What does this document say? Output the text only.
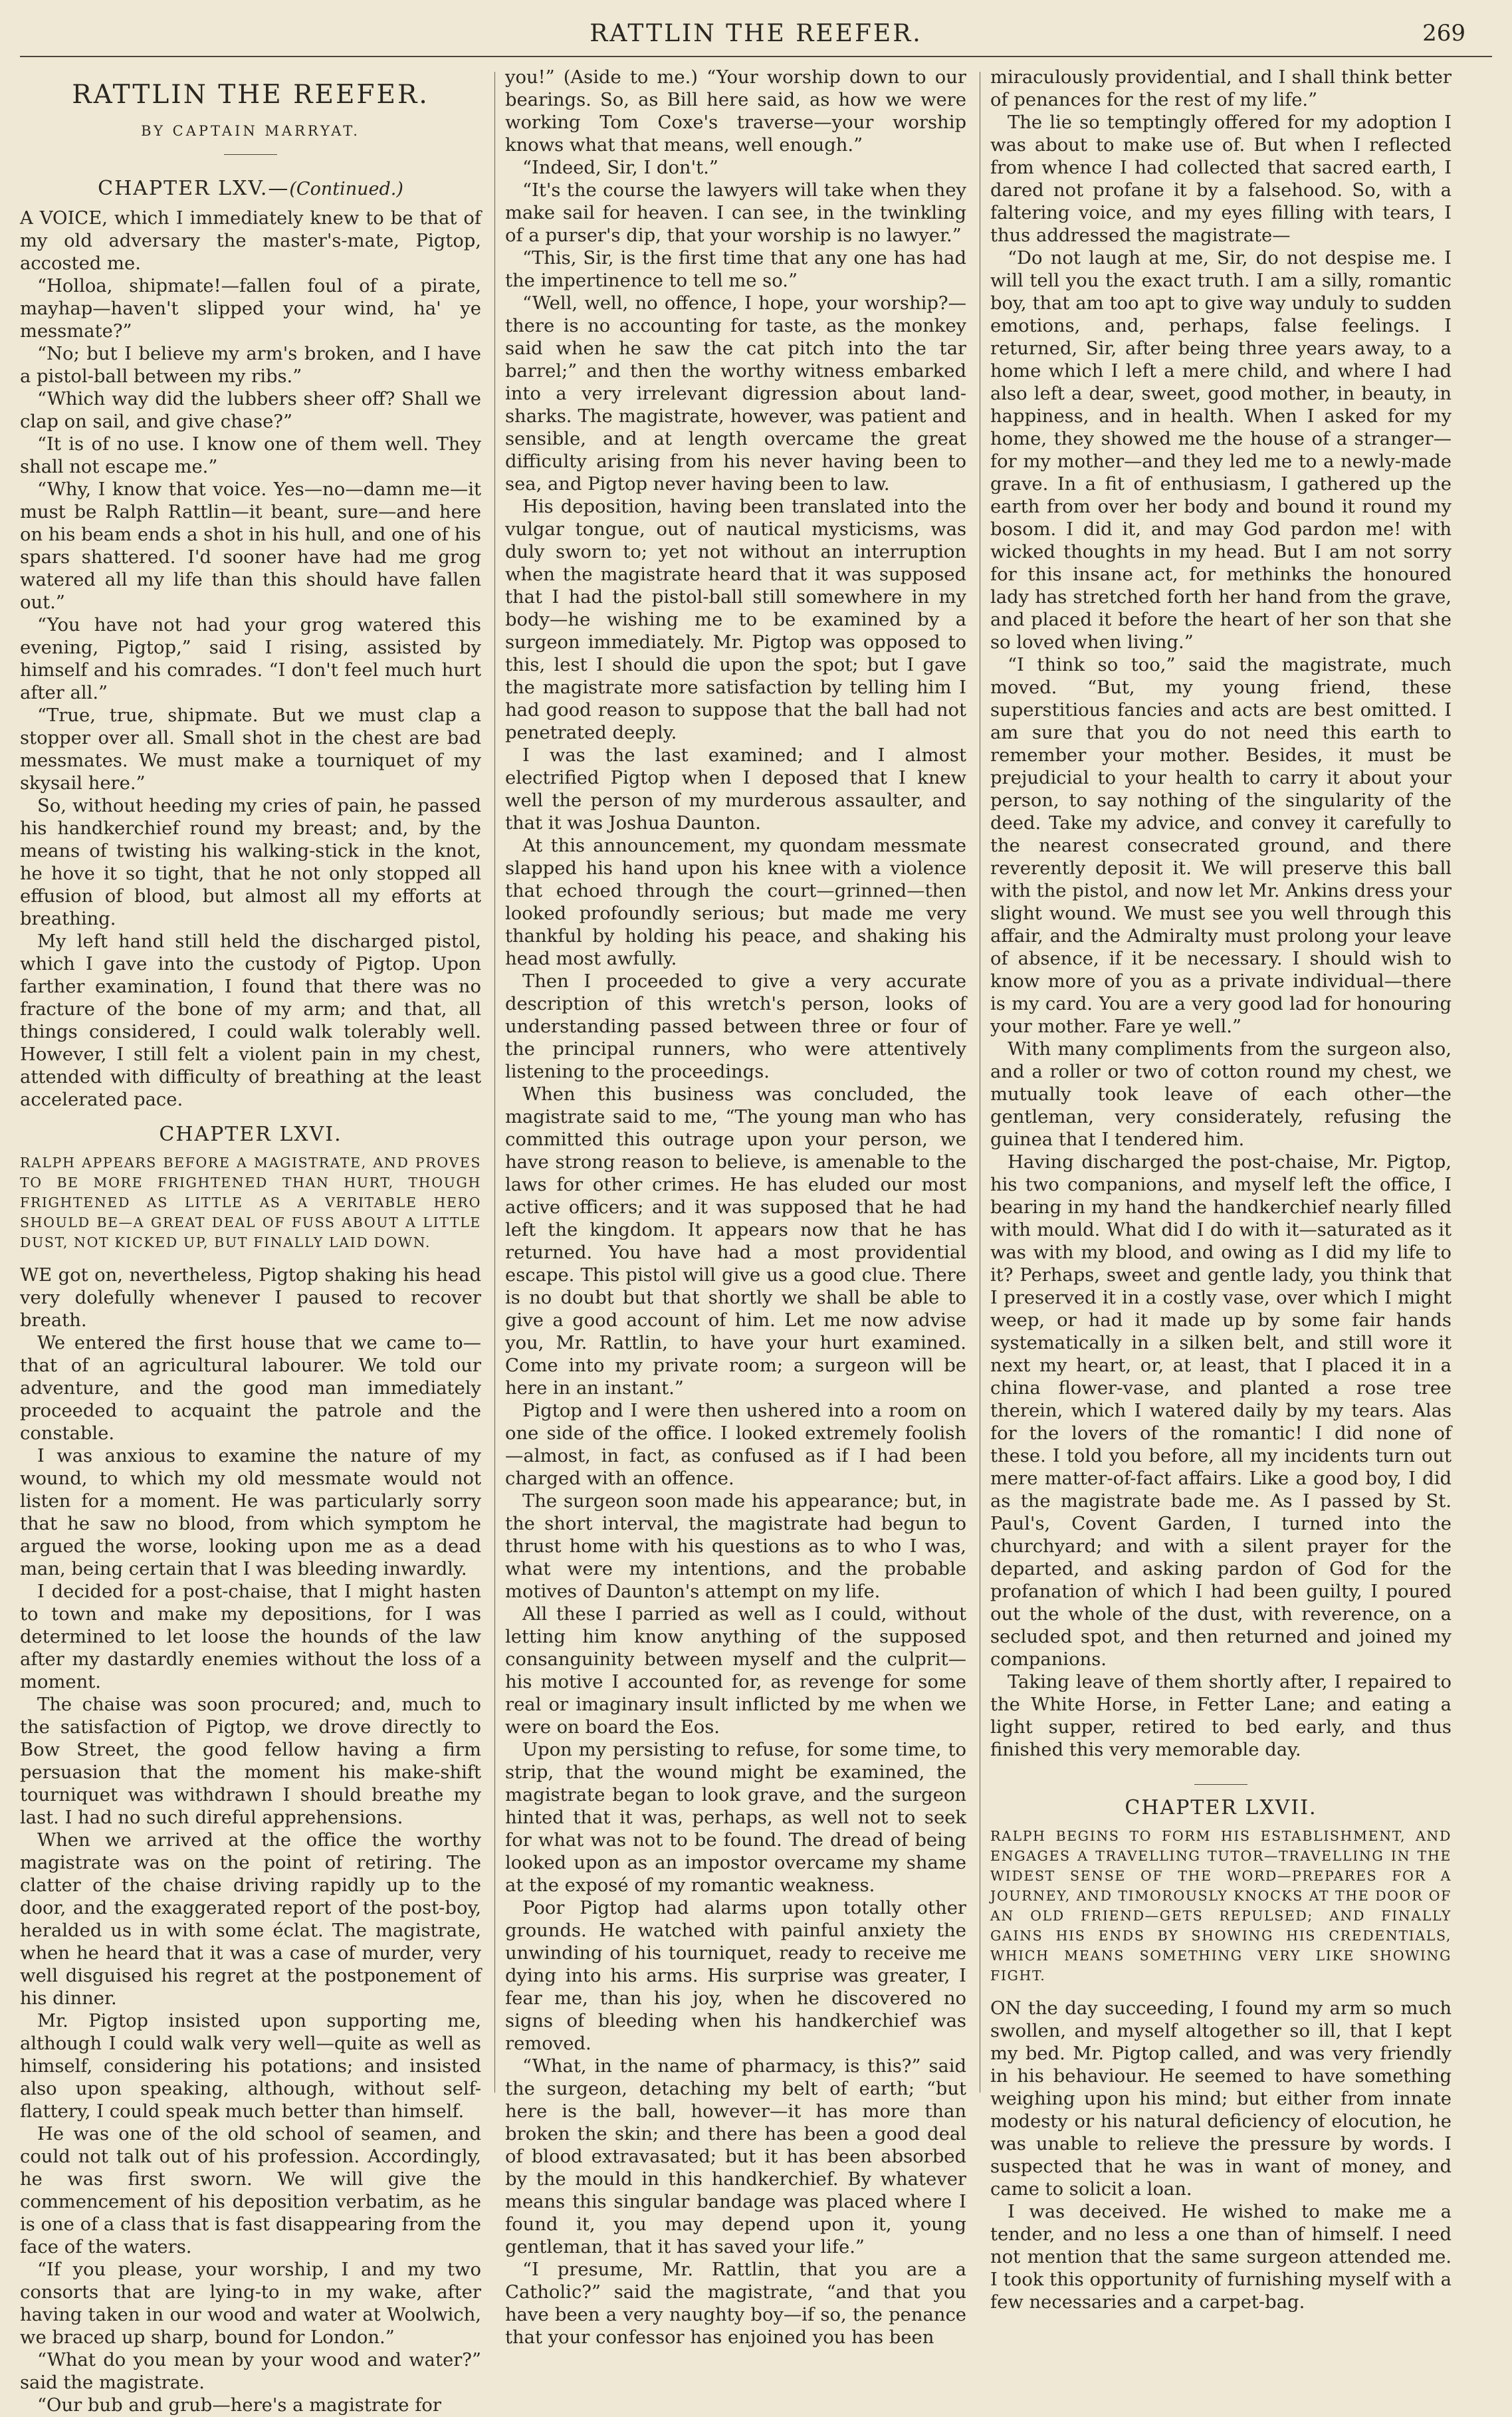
RATTLIN THE REEFER.	269
RATTLIN THE REEFER.
BY CAPTAIN MARRYAT.
CHAPTER LXV.—(Continued.)

A VOICE, which I immediately knew to be that of my old adversary the master's-mate, Pigtop, accosted me.

“Holloa, shipmate!—fallen foul of a pirate, mayhap—haven't slipped your wind, ha' ye messmate?”

“No; but I believe my arm's broken, and I have a pistol-ball between my ribs.”

“Which way did the lubbers sheer off? Shall we clap on sail, and give chase?”

“It is of no use. I know one of them well. They shall not escape me.”

“Why, I know that voice. Yes—no—damn me—it must be Ralph Rattlin—it beant, sure—and here on his beam ends a shot in his hull, and one of his spars shattered. I'd sooner have had me grog watered all my life than this should have fallen out.”

“You have not had your grog watered this evening, Pigtop,” said I rising, assisted by himself and his comrades. “I don't feel much hurt after all.”

“True, true, shipmate. But we must clap a stopper over all. Small shot in the chest are bad messmates. We must make a tourniquet of my skysail here.”

So, without heeding my cries of pain, he passed his handkerchief round my breast; and, by the means of twisting his walking-stick in the knot, he hove it so tight, that he not only stopped all effusion of blood, but almost all my efforts at breathing.

My left hand still held the discharged pistol, which I gave into the custody of Pigtop. Upon farther examination, I found that there was no fracture of the bone of my arm; and that, all things considered, I could walk tolerably well. However, I still felt a violent pain in my chest, attended with difficulty of breathing at the least accelerated pace.

CHAPTER LXVI.
RALPH APPEARS BEFORE A MAGISTRATE, AND PROVES TO BE MORE FRIGHTENED THAN HURT, THOUGH FRIGHTENED AS LITTLE AS A VERITABLE HERO SHOULD BE—A GREAT DEAL OF FUSS ABOUT A LITTLE DUST, NOT KICKED UP, BUT FINALLY LAID DOWN.

WE got on, nevertheless, Pigtop shaking his head very dolefully whenever I paused to recover breath.

We entered the first house that we came to—that of an agricultural labourer. We told our adventure, and the good man immediately proceeded to acquaint the patrole and the constable.

I was anxious to examine the nature of my wound, to which my old messmate would not listen for a moment. He was particularly sorry that he saw no blood, from which symptom he argued the worse, looking upon me as a dead man, being certain that I was bleeding inwardly.

I decided for a post-chaise, that I might hasten to town and make my depositions, for I was determined to let loose the hounds of the law after my dastardly enemies without the loss of a moment.

The chaise was soon procured; and, much to the satisfaction of Pigtop, we drove directly to Bow Street, the good fellow having a firm persuasion that the moment his make-shift tourniquet was withdrawn I should breathe my last. I had no such direful apprehensions.

When we arrived at the office the worthy magistrate was on the point of retiring. The clatter of the chaise driving rapidly up to the door, and the exaggerated report of the post-boy, heralded us in with some éclat. The magistrate, when he heard that it was a case of murder, very well disguised his regret at the postponement of his dinner.

Mr. Pigtop insisted upon supporting me, although I could walk very well—quite as well as himself, considering his potations; and insisted also upon speaking, although, without self-flattery, I could speak much better than himself.

He was one of the old school of seamen, and could not talk out of his profession. Accordingly, he was first sworn. We will give the commencement of his deposition verbatim, as he is one of a class that is fast disappearing from the face of the waters.

“If you please, your worship, I and my two consorts that are lying-to in my wake, after having taken in our wood and water at Woolwich, we braced up sharp, bound for London.”

“What do you mean by your wood and water?” said the magistrate.

“Our bub and grub—here's a magistrate for

you!” (Aside to me.) “Your worship down to our bearings. So, as Bill here said, as how we were working Tom Coxe's traverse—your worship knows what that means, well enough.”

“Indeed, Sir, I don't.”

“It's the course the lawyers will take when they make sail for heaven. I can see, in the twinkling of a purser's dip, that your worship is no lawyer.”

“This, Sir, is the first time that any one has had the impertinence to tell me so.”

“Well, well, no offence, I hope, your worship?—there is no accounting for taste, as the monkey said when he saw the cat pitch into the tar barrel;” and then the worthy witness embarked into a very irrelevant digression about land-sharks. The magistrate, however, was patient and sensible, and at length overcame the great difficulty arising from his never having been to sea, and Pigtop never having been to law.

His deposition, having been translated into the vulgar tongue, out of nautical mysticisms, was duly sworn to; yet not without an interruption when the magistrate heard that it was supposed that I had the pistol-ball still somewhere in my body—he wishing me to be examined by a surgeon immediately. Mr. Pigtop was opposed to this, lest I should die upon the spot; but I gave the magistrate more satisfaction by telling him I had good reason to suppose that the ball had not penetrated deeply.

I was the last examined; and I almost electrified Pigtop when I deposed that I knew well the person of my murderous assaulter, and that it was Joshua Daunton.

At this announcement, my quondam messmate slapped his hand upon his knee with a violence that echoed through the court—grinned—then looked profoundly serious; but made me very thankful by holding his peace, and shaking his head most awfully.

Then I proceeded to give a very accurate description of this wretch's person, looks of understanding passed between three or four of the principal runners, who were attentively listening to the proceedings.

When this business was concluded, the magistrate said to me, “The young man who has committed this outrage upon your person, we have strong reason to believe, is amenable to the laws for other crimes. He has eluded our most active officers; and it was supposed that he had left the kingdom. It appears now that he has returned. You have had a most providential escape. This pistol will give us a good clue. There is no doubt but that shortly we shall be able to give a good account of him. Let me now advise you, Mr. Rattlin, to have your hurt examined. Come into my private room; a surgeon will be here in an instant.”

Pigtop and I were then ushered into a room on one side of the office. I looked extremely foolish—almost, in fact, as confused as if I had been charged with an offence.

The surgeon soon made his appearance; but, in the short interval, the magistrate had begun to thrust home with his questions as to who I was, what were my intentions, and the probable motives of Daunton's attempt on my life.

All these I parried as well as I could, without letting him know anything of the supposed consanguinity between myself and the culprit—his motive I accounted for, as revenge for some real or imaginary insult inflicted by me when we were on board the Eos.

Upon my persisting to refuse, for some time, to strip, that the wound might be examined, the magistrate began to look grave, and the surgeon hinted that it was, perhaps, as well not to seek for what was not to be found. The dread of being looked upon as an impostor overcame my shame at the exposé of my romantic weakness.

Poor Pigtop had alarms upon totally other grounds. He watched with painful anxiety the unwinding of his tourniquet, ready to receive me dying into his arms. His surprise was greater, I fear me, than his joy, when he discovered no signs of bleeding when his handkerchief was removed.

“What, in the name of pharmacy, is this?” said the surgeon, detaching my belt of earth; “but here is the ball, however—it has more than broken the skin; and there has been a good deal of blood extravasated; but it has been absorbed by the mould in this handkerchief. By whatever means this singular bandage was placed where I found it, you may depend upon it, young gentleman, that it has saved your life.”

“I presume, Mr. Rattlin, that you are a Catholic?” said the magistrate, “and that you have been a very naughty boy—if so, the penance that your confessor has enjoined you has been

miraculously providential, and I shall think better of penances for the rest of my life.”

The lie so temptingly offered for my adoption I was about to make use of. But when I reflected from whence I had collected that sacred earth, I dared not profane it by a falsehood. So, with a faltering voice, and my eyes filling with tears, I thus addressed the magistrate—

“Do not laugh at me, Sir, do not despise me. I will tell you the exact truth. I am a silly, romantic boy, that am too apt to give way unduly to sudden emotions, and, perhaps, false feelings. I returned, Sir, after being three years away, to a home which I left a mere child, and where I had also left a dear, sweet, good mother, in beauty, in happiness, and in health. When I asked for my home, they showed me the house of a stranger—for my mother—and they led me to a newly-made grave. In a fit of enthusiasm, I gathered up the earth from over her body and bound it round my bosom. I did it, and may God pardon me! with wicked thoughts in my head. But I am not sorry for this insane act, for methinks the honoured lady has stretched forth her hand from the grave, and placed it before the heart of her son that she so loved when living.”

“I think so too,” said the magistrate, much moved. “But, my young friend, these superstitious fancies and acts are best omitted. I am sure that you do not need this earth to remember your mother. Besides, it must be prejudicial to your health to carry it about your person, to say nothing of the singularity of the deed. Take my advice, and convey it carefully to the nearest consecrated ground, and there reverently deposit it. We will preserve this ball with the pistol, and now let Mr. Ankins dress your slight wound. We must see you well through this affair, and the Admiralty must prolong your leave of absence, if it be necessary. I should wish to know more of you as a private individual—there is my card. You are a very good lad for honouring your mother. Fare ye well.”

With many compliments from the surgeon also, and a roller or two of cotton round my chest, we mutually took leave of each other—the gentleman, very considerately, refusing the guinea that I tendered him.

Having discharged the post-chaise, Mr. Pigtop, his two companions, and myself left the office, I bearing in my hand the handkerchief nearly filled with mould. What did I do with it—saturated as it was with my blood, and owing as I did my life to it? Perhaps, sweet and gentle lady, you think that I preserved it in a costly vase, over which I might weep, or had it made up by some fair hands systematically in a silken belt, and still wore it next my heart, or, at least, that I placed it in a china flower-vase, and planted a rose tree therein, which I watered daily by my tears. Alas for the lovers of the romantic! I did none of these. I told you before, all my incidents turn out mere matter-of-fact affairs. Like a good boy, I did as the magistrate bade me. As I passed by St. Paul's, Covent Garden, I turned into the churchyard; and with a silent prayer for the departed, and asking pardon of God for the profanation of which I had been guilty, I poured out the whole of the dust, with reverence, on a secluded spot, and then returned and joined my companions.

Taking leave of them shortly after, I repaired to the White Horse, in Fetter Lane; and eating a light supper, retired to bed early, and thus finished this very memorable day.

CHAPTER LXVII.
RALPH BEGINS TO FORM HIS ESTABLISHMENT, AND ENGAGES A TRAVELLING TUTOR—TRAVELLING IN THE WIDEST SENSE OF THE WORD—PREPARES FOR A JOURNEY, AND TIMOROUSLY KNOCKS AT THE DOOR OF AN OLD FRIEND—GETS REPULSED; AND FINALLY GAINS HIS ENDS BY SHOWING HIS CREDENTIALS, WHICH MEANS SOMETHING VERY LIKE SHOWING FIGHT.

ON the day succeeding, I found my arm so much swollen, and myself altogether so ill, that I kept my bed. Mr. Pigtop called, and was very friendly in his behaviour. He seemed to have something weighing upon his mind; but either from innate modesty or his natural deficiency of elocution, he was unable to relieve the pressure by words. I suspected that he was in want of money, and came to solicit a loan.

I was deceived. He wished to make me a tender, and no less a one than of himself. I need not mention that the same surgeon attended me. I took this opportunity of furnishing myself with a few necessaries and a carpet-bag.
